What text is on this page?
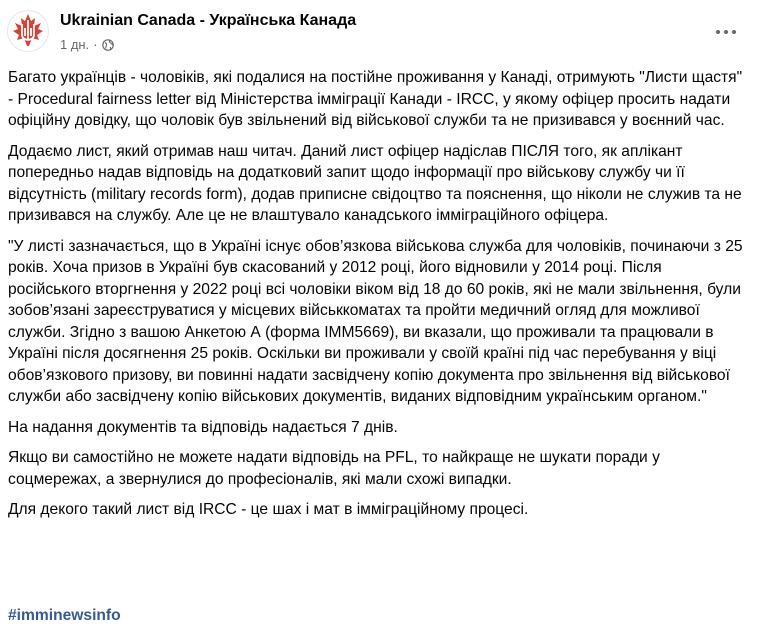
Ukrainian Canada - Українська Канада
1 дн. ·

Багато українців - чоловіків, які подалися на постійне проживання у Канаді, отримують "Листи щастя" - Procedural fairness letter від Міністерства імміграції Канади - IRCC, у якому офіцер просить надати офіційну довідку, що чоловік був звільнений від військової служби та не призивався у воєнний час.

Додаємо лист, який отримав наш читач. Даний лист офіцер надіслав ПІСЛЯ того, як аплікант попередньо надав відповідь на додатковий запит щодо інформації про військову службу чи її відсутність (military records form), додав приписне свідоцтво та пояснення, що ніколи не служив та не призивався на службу. Але це не влаштувало канадського імміграційного офіцера.

"У листі зазначається, що в Україні існує обов’язкова військова служба для чоловіків, починаючи з 25 років. Хоча призов в Україні був скасований у 2012 році, його відновили у 2014 році. Після російського вторгнення у 2022 році всі чоловіки віком від 18 до 60 років, які не мали звільнення, були зобов’язані зареєструватися у місцевих військкоматах та пройти медичний огляд для можливої служби. Згідно з вашою Анкетою А (форма IMM5669), ви вказали, що проживали та працювали в Україні після досягнення 25 років. Оскільки ви проживали у своїй країні під час перебування у віці обов’язкового призову, ви повинні надати засвідчену копію документа про звільнення від військової служби або засвідчену копію військових документів, виданих відповідним українським органом."

На надання документів та відповідь надається 7 днів.

Якщо ви самостійно не можете надати відповідь на PFL, то найкраще не шукати поради у соцмережах, а звернулися до професіоналів, які мали схожі випадки.

Для декого такий лист від IRCC - це шах і мат в імміграційному процесі.

#imminewsinfo
